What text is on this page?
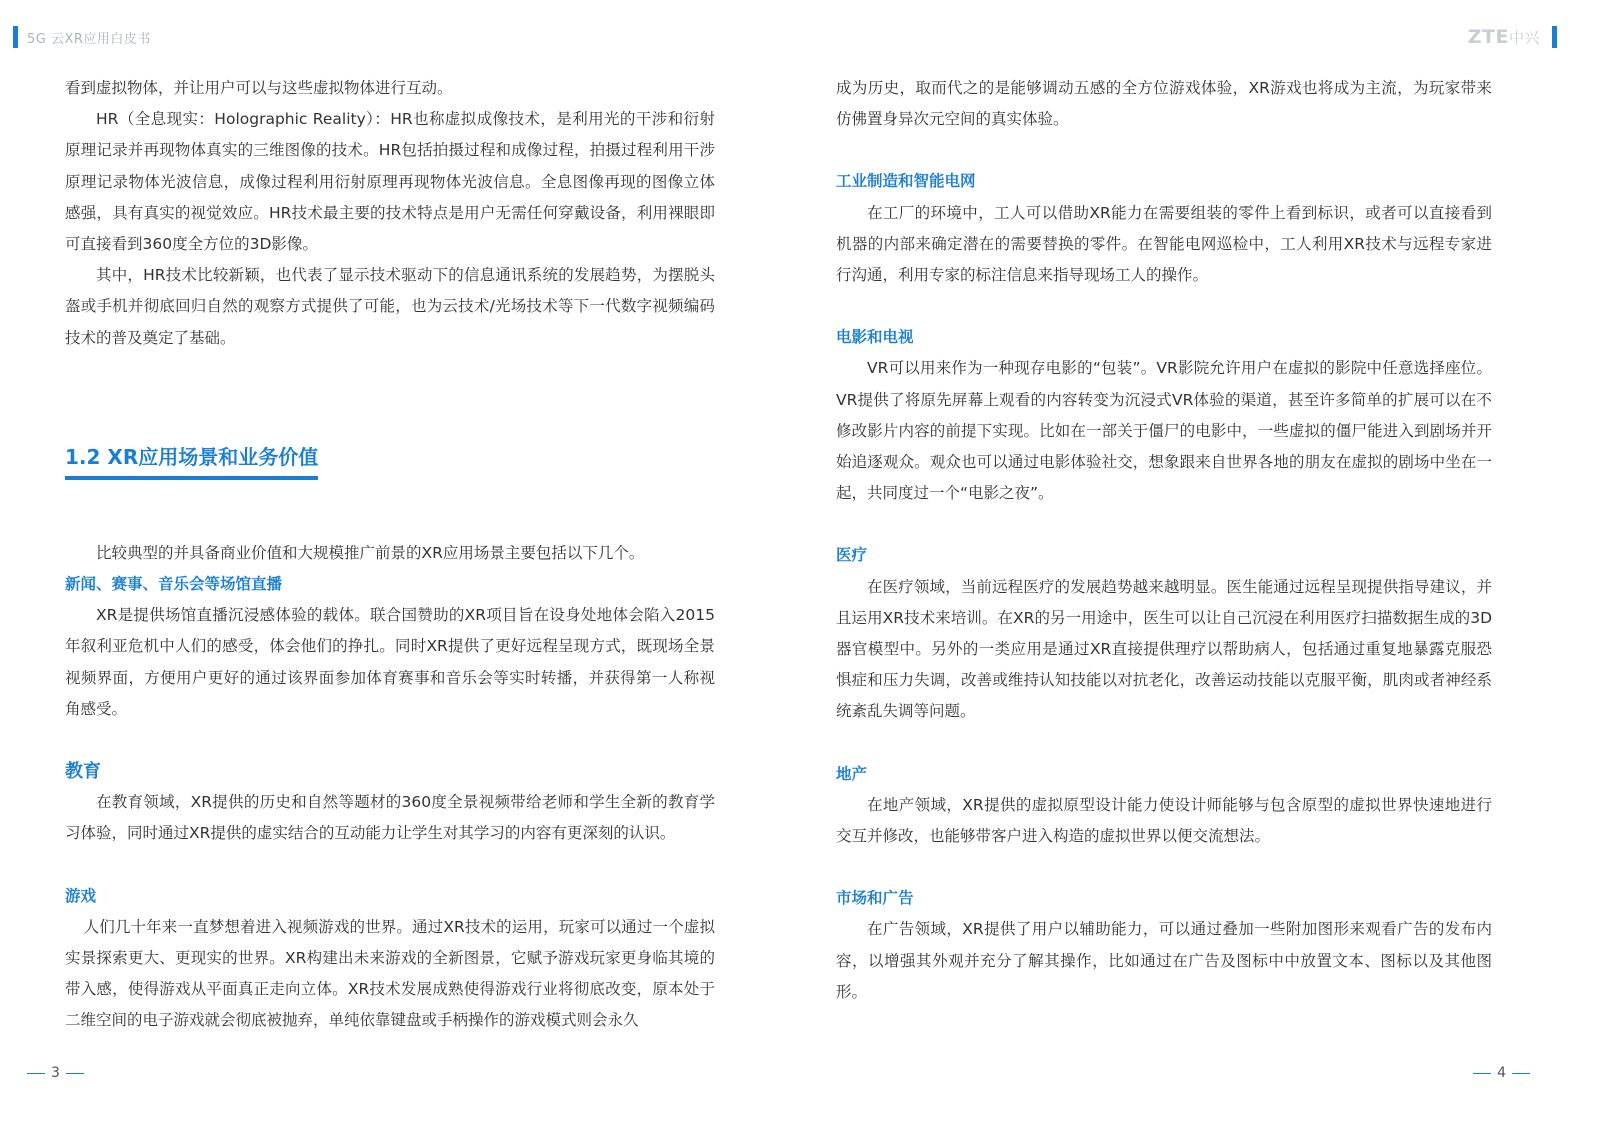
5G 云XR应用白皮书

看到虚拟物体，并让用户可以与这些虚拟物体进行互动。

HR（全息现实：Holographic Reality）：HR也称虚拟成像技术，是利用光的干涉和衍射原理记录并再现物体真实的三维图像的技术。HR包括拍摄过程和成像过程，拍摄过程利用干涉原理记录物体光波信息，成像过程利用衍射原理再现物体光波信息。全息图像再现的图像立体感强，具有真实的视觉效应。HR技术最主要的技术特点是用户无需任何穿戴设备，利用裸眼即可直接看到360度全方位的3D影像。

其中，HR技术比较新颖，也代表了显示技术驱动下的信息通讯系统的发展趋势，为摆脱头盔或手机并彻底回归自然的观察方式提供了可能，也为云技术/光场技术等下一代数字视频编码技术的普及奠定了基础。

1.2 XR应用场景和业务价值

比较典型的并具备商业价值和大规模推广前景的XR应用场景主要包括以下几个。

新闻、赛事、音乐会等场馆直播

XR是提供场馆直播沉浸感体验的载体。联合国赞助的XR项目旨在设身处地体会陷入2015年叙利亚危机中人们的感受，体会他们的挣扎。同时XR提供了更好远程呈现方式，既现场全景视频界面，方便用户更好的通过该界面参加体育赛事和音乐会等实时转播，并获得第一人称视角感受。

教育

在教育领域，XR提供的历史和自然等题材的360度全景视频带给老师和学生全新的教育学习体验，同时通过XR提供的虚实结合的互动能力让学生对其学习的内容有更深刻的认识。

游戏

人们几十年来一直梦想着进入视频游戏的世界。通过XR技术的运用，玩家可以通过一个虚拟实景探索更大、更现实的世界。XR构建出未来游戏的全新图景，它赋予游戏玩家更身临其境的带入感，使得游戏从平面真正走向立体。XR技术发展成熟使得游戏行业将彻底改变，原本处于二维空间的电子游戏就会彻底被抛弃，单纯依靠键盘或手柄操作的游戏模式则会永久

3
ZTE中兴

成为历史，取而代之的是能够调动五感的全方位游戏体验，XR游戏也将成为主流，为玩家带来仿佛置身异次元空间的真实体验。

工业制造和智能电网

在工厂的环境中，工人可以借助XR能力在需要组装的零件上看到标识，或者可以直接看到机器的内部来确定潜在的需要替换的零件。在智能电网巡检中，工人利用XR技术与远程专家进行沟通，利用专家的标注信息来指导现场工人的操作。

电影和电视

VR可以用来作为一种现存电影的“包装”。VR影院允许用户在虚拟的影院中任意选择座位。VR提供了将原先屏幕上观看的内容转变为沉浸式VR体验的渠道，甚至许多简单的扩展可以在不修改影片内容的前提下实现。比如在一部关于僵尸的电影中，一些虚拟的僵尸能进入到剧场并开始追逐观众。观众也可以通过电影体验社交，想象跟来自世界各地的朋友在虚拟的剧场中坐在一起，共同度过一个“电影之夜”。

医疗

在医疗领域，当前远程医疗的发展趋势越来越明显。医生能通过远程呈现提供指导建议，并且运用XR技术来培训。在XR的另一用途中，医生可以让自己沉浸在利用医疗扫描数据生成的3D器官模型中。另外的一类应用是通过XR直接提供理疗以帮助病人，包括通过重复地暴露克服恐惧症和压力失调，改善或维持认知技能以对抗老化，改善运动技能以克服平衡，肌肉或者神经系统紊乱失调等问题。

地产

在地产领域，XR提供的虚拟原型设计能力使设计师能够与包含原型的虚拟世界快速地进行交互并修改，也能够带客户进入构造的虚拟世界以便交流想法。

市场和广告

在广告领域，XR提供了用户以辅助能力，可以通过叠加一些附加图形来观看广告的发布内容，以增强其外观并充分了解其操作，比如通过在广告及图标中中放置文本、图标以及其他图形。

4
